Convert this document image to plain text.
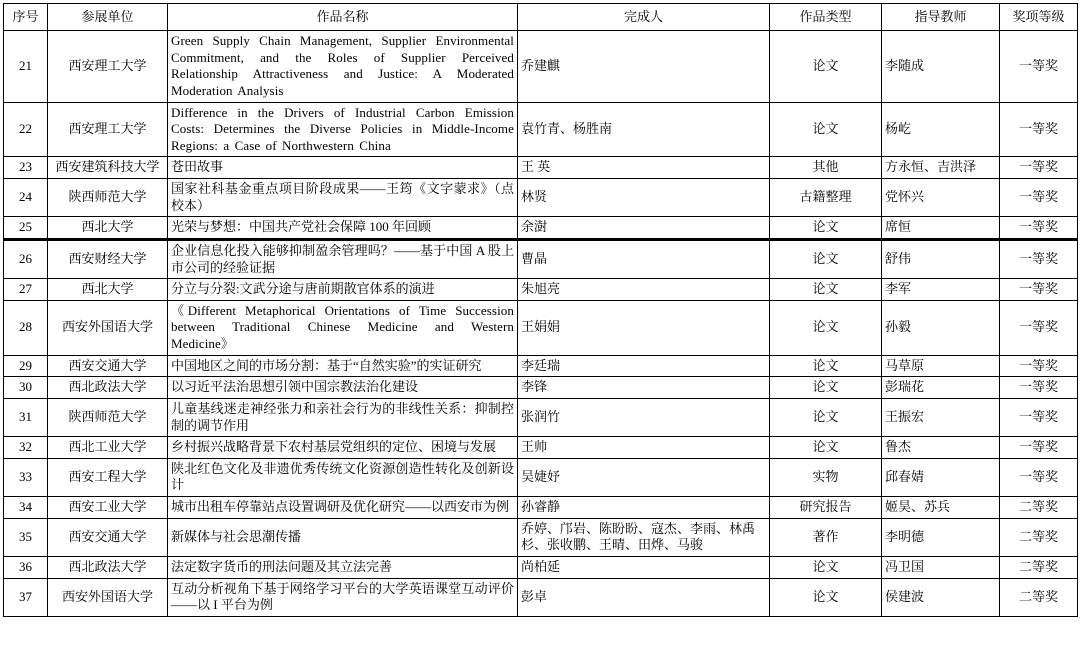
序号	参展单位	作品名称	完成人	作品类型	指导教师	奖项等级
21	西安理工大学	Green Supply Chain Management, Supplier Environmental Commitment, and the Roles of Supplier Perceived Relationship Attractiveness and Justice: A Moderated Moderation Analysis	乔建麒	论文	李随成	一等奖
22	西安理工大学	Difference in the Drivers of Industrial Carbon Emission Costs: Determines the Diverse Policies in Middle-Income Regions: a Case of Northwestern China	袁竹青、杨胜南	论文	杨屹	一等奖
23	西安建筑科技大学	苍田故事	王 英	其他	方永恒、吉洪泽	一等奖
24	陕西师范大学	国家社科基金重点项目阶段成果——王筠《文字蒙求》（点校本）	林贤	古籍整理	党怀兴	一等奖
25	西北大学	光荣与梦想：中国共产党社会保障 100 年回顾	余澍	论文	席恒	一等奖
26	西安财经大学	企业信息化投入能够抑制盈余管理吗？——基于中国 A 股上市公司的经验证据	曹晶	论文	舒伟	一等奖
27	西北大学	分立与分裂:文武分途与唐前期散官体系的演进	朱旭亮	论文	李军	一等奖
28	西安外国语大学	《Different Metaphorical Orientations of Time Succession between Traditional Chinese Medicine and Western Medicine》	王娟娟	论文	孙毅	一等奖
29	西安交通大学	中国地区之间的市场分割：基于“自然实验”的实证研究	李廷瑞	论文	马草原	一等奖
30	西北政法大学	以习近平法治思想引领中国宗教法治化建设	李锋	论文	彭瑞花	一等奖
31	陕西师范大学	儿童基线迷走神经张力和亲社会行为的非线性关系：抑制控制的调节作用	张润竹	论文	王振宏	一等奖
32	西北工业大学	乡村振兴战略背景下农村基层党组织的定位、困境与发展	王帅	论文	鲁杰	一等奖
33	西安工程大学	陕北红色文化及非遗优秀传统文化资源创造性转化及创新设计	吴婕妤	实物	邱春婧	一等奖
34	西安工业大学	城市出租车停靠站点设置调研及优化研究——以西安市为例	孙睿静	研究报告	姬昊、苏兵	二等奖
35	西安交通大学	新媒体与社会思潮传播	乔婷、邝岩、陈盼盼、寇杰、李雨、林禹杉、张收鹏、王晴、田烨、马骏	著作	李明德	二等奖
36	西北政法大学	法定数字货币的刑法问题及其立法完善	尚柏延	论文	冯卫国	二等奖
37	西安外国语大学	互动分析视角下基于网络学习平台的大学英语课堂互动评价——以 I 平台为例	彭卓	论文	侯建波	二等奖
